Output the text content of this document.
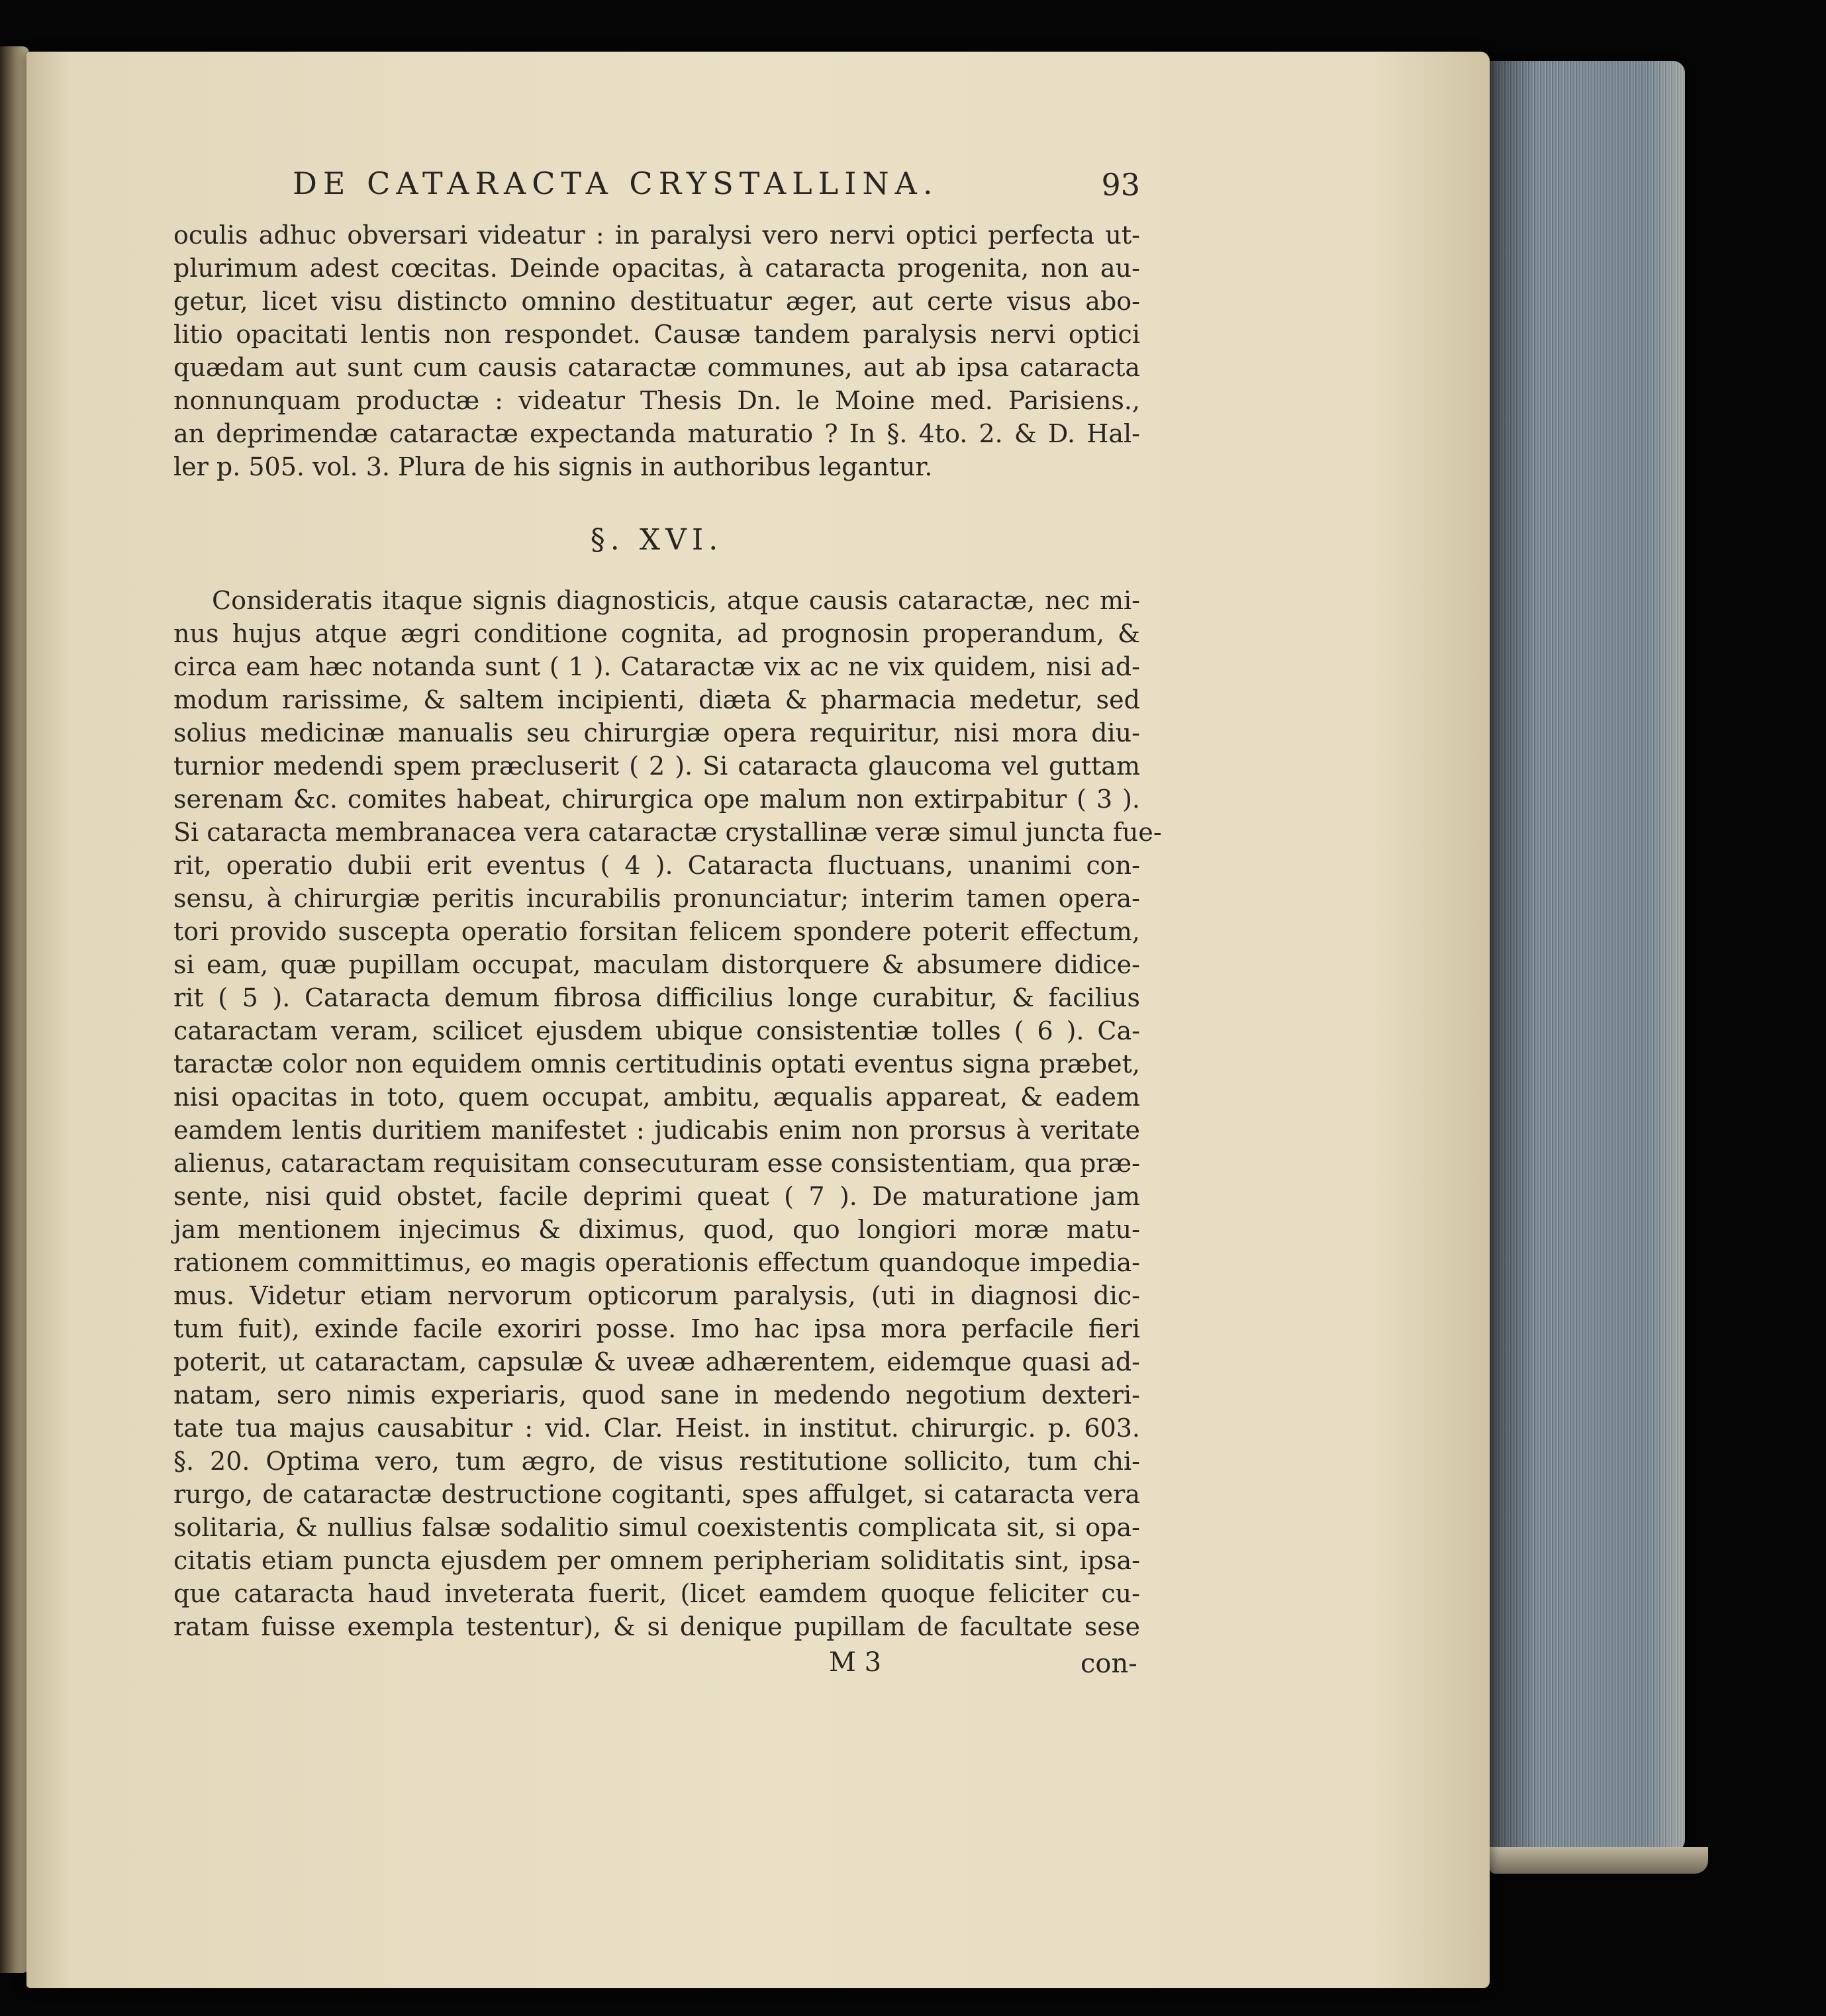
DE CATARACTA CRYSTALLINA.	93
oculis adhuc obversari videatur : in paralysi vero nervi optici perfecta ut-
plurimum adest cœcitas. Deinde opacitas, à cataracta progenita, non au-
getur, licet visu distincto omnino destituatur æger, aut certe visus abo-
litio opacitati lentis non respondet. Causæ tandem paralysis nervi optici
quædam aut sunt cum causis cataractæ communes, aut ab ipsa cataracta
nonnunquam productæ : videatur Thesis Dn. le Moine med. Parisiens.,
an deprimendæ cataractæ expectanda maturatio ? In §. 4to. 2. & D. Hal-
ler p. 505. vol. 3. Plura de his signis in authoribus legantur.
§. XVI.
Consideratis itaque signis diagnosticis, atque causis cataractæ, nec mi-
nus hujus atque ægri conditione cognita, ad prognosin properandum, &
circa eam hæc notanda sunt ( 1 ). Cataractæ vix ac ne vix quidem, nisi ad-
modum rarissime, & saltem incipienti, diæta & pharmacia medetur, sed
solius medicinæ manualis seu chirurgiæ opera requiritur, nisi mora diu-
turnior medendi spem præcluserit ( 2 ). Si cataracta glaucoma vel guttam
serenam &c. comites habeat, chirurgica ope malum non extirpabitur ( 3 ).
Si cataracta membranacea vera cataractæ crystallinæ veræ simul juncta fue-
rit, operatio dubii erit eventus ( 4 ). Cataracta fluctuans, unanimi con-
sensu, à chirurgiæ peritis incurabilis pronunciatur; interim tamen opera-
tori provido suscepta operatio forsitan felicem spondere poterit effectum,
si eam, quæ pupillam occupat, maculam distorquere & absumere didice-
rit ( 5 ). Cataracta demum fibrosa difficilius longe curabitur, & facilius
cataractam veram, scilicet ejusdem ubique consistentiæ tolles ( 6 ). Ca-
taractæ color non equidem omnis certitudinis optati eventus signa præbet,
nisi opacitas in toto, quem occupat, ambitu, æqualis appareat, & eadem
eamdem lentis duritiem manifestet : judicabis enim non prorsus à veritate
alienus, cataractam requisitam consecuturam esse consistentiam, qua præ-
sente, nisi quid obstet, facile deprimi queat ( 7 ). De maturatione jam
jam mentionem injecimus & diximus, quod, quo longiori moræ matu-
rationem committimus, eo magis operationis effectum quandoque impedia-
mus. Videtur etiam nervorum opticorum paralysis, (uti in diagnosi dic-
tum fuit), exinde facile exoriri posse. Imo hac ipsa mora perfacile fieri
poterit, ut cataractam, capsulæ & uveæ adhærentem, eidemque quasi ad-
natam, sero nimis experiaris, quod sane in medendo negotium dexteri-
tate tua majus causabitur : vid. Clar. Heist. in institut. chirurgic. p. 603.
§. 20. Optima vero, tum ægro, de visus restitutione sollicito, tum chi-
rurgo, de cataractæ destructione cogitanti, spes affulget, si cataracta vera
solitaria, & nullius falsæ sodalitio simul coexistentis complicata sit, si opa-
citatis etiam puncta ejusdem per omnem peripheriam soliditatis sint, ipsa-
que cataracta haud inveterata fuerit, (licet eamdem quoque feliciter cu-
ratam fuisse exempla testentur), & si denique pupillam de facultate sese
M 3	con-
